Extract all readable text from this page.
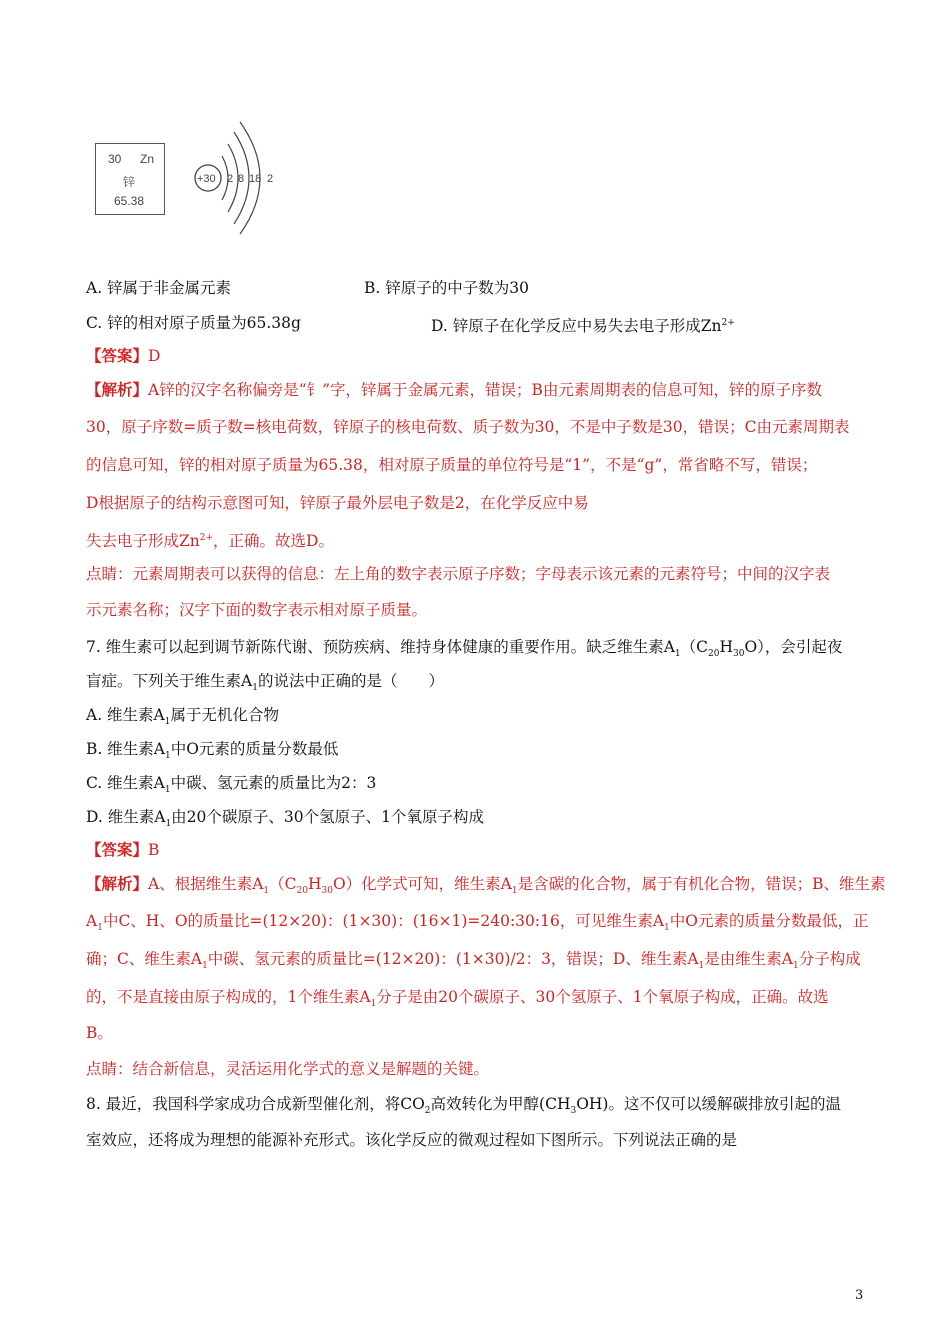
30 Zn
锌
65.38
+30 2 8 18 2
A. 锌属于非金属元素	B. 锌原子的中子数为30
C. 锌的相对原子质量为65.38g	D. 锌原子在化学反应中易失去电子形成$Zn^{2+}$
【答案】D
【解析】A锌的汉字名称偏旁是“钅”字，锌属于金属元素，错误；B由元素周期表的信息可知，锌的原子序数
30，原子序数=质子数=核电荷数，锌原子的核电荷数、质子数为30，不是中子数是30，错误；C由元素周期表
的信息可知，锌的相对原子质量为65.38，相对原子质量的单位符号是“1”，不是“g”，常省略不写，错误；
D根据原子的结构示意图可知，锌原子最外层电子数是2，在化学反应中易
失去电子形成$Zn^{2+}$，正确。故选D。
点睛：元素周期表可以获得的信息：左上角的数字表示原子序数；字母表示该元素的元素符号；中间的汉字表
示元素名称；汉字下面的数字表示相对原子质量。
7. 维生素可以起到调节新陈代谢、预防疾病、维持身体健康的重要作用。缺乏维生素$A_1(C_{20}H_{30}O)$，会引起夜
盲症。下列关于维生素$A_1$的说法中正确的是（　　）
A. 维生素$A_1$属于无机化合物
B. 维生素$A_1$中O元素的质量分数最低
C. 维生素$A_1$中碳、氢元素的质量比为2：3
D. 维生素$A_1$由20个碳原子、30个氢原子、1个氧原子构成
【答案】B
【解析】A、根据维生素$A_1(C_{20}H_{30}O)$化学式可知，维生素$A_1$是含碳的化合物，属于有机化合物，错误；B、维生素
$A_1$中C、H、O的质量比=(12×20)：(1×30)：(16×1)=240:30:16，可见维生素$A_1$中O元素的质量分数最低，正
确；C、维生素$A_1$中碳、氢元素的质量比=(12×20)：(1×30)/2：3，错误；D、维生素$A_1$是由维生素$A_1$分子构成
的，不是直接由原子构成的，1个维生素$A_1$分子是由20个碳原子、30个氢原子、1个氧原子构成，正确。故选
B。
点睛：结合新信息，灵活运用化学式的意义是解题的关键。
8. 最近，我国科学家成功合成新型催化剂，将$CO_2$高效转化为甲醇$(CH_3OH)$。这不仅可以缓解碳排放引起的温
室效应，还将成为理想的能源补充形式。该化学反应的微观过程如下图所示。下列说法正确的是
3
